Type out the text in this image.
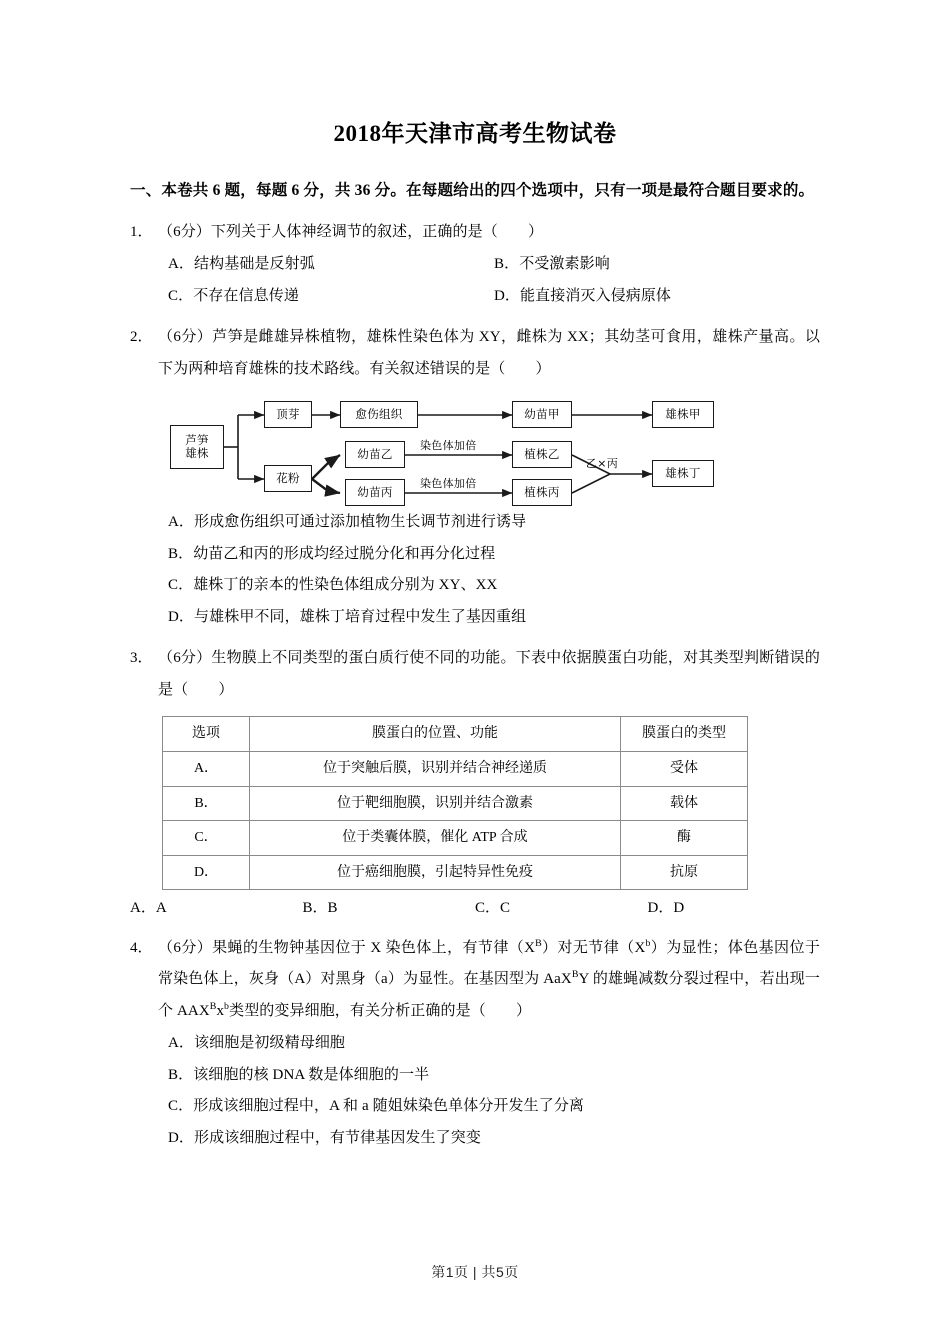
2018年天津市高考生物试卷
一、本卷共 6 题，每题 6 分，共 36 分。在每题给出的四个选项中，只有一项是最符合题目要求的。
1． （6分）下列关于人体神经调节的叙述，正确的是（　　）
A．结构基础是反射弧	B．不受激素影响
C．不存在信息传递	D．能直接消灭入侵病原体
2． （6分）芦笋是雌雄异株植物，雄株性染色体为 XY，雌株为 XX；其幼茎可食用，雄株产量高。以下为两种培育雄株的技术路线。有关叙述错误的是（　　）
芦笋
雄株
顶芽	愈伤组织	幼苗甲	雄株甲
花粉
幼苗乙
幼苗丙
植株乙
植株丙
雄株丁
染色体加倍
染色体加倍
乙×丙
A．形成愈伤组织可通过添加植物生长调节剂进行诱导
B．幼苗乙和丙的形成均经过脱分化和再分化过程
C．雄株丁的亲本的性染色体组成分别为 XY、XX
D．与雄株甲不同，雄株丁培育过程中发生了基因重组
3． （6分）生物膜上不同类型的蛋白质行使不同的功能。下表中依据膜蛋白功能，对其类型判断错误的是（　　）
选项	膜蛋白的位置、功能	膜蛋白的类型
A．	位于突触后膜，识别并结合神经递质	受体
B．	位于靶细胞膜，识别并结合激素	载体
C．	位于类囊体膜，催化 ATP 合成	酶
D．	位于癌细胞膜，引起特异性免疫	抗原
A．A	B．B	C．C	D．D
4． （6分）果蝇的生物钟基因位于 X 染色体上，有节律$(X^B)$对无节律$(X^b)$为显性；体色基因位于常染色体上，灰身（A）对黑身（a）为显性。在基因型为 AaX$^B$Y 的雄蝇减数分裂过程中，若出现一个 $AAX^Bx^b$类型的变异细胞，有关分析正确的是（　　）
A．该细胞是初级精母细胞
B．该细胞的核 DNA 数是体细胞的一半
C．形成该细胞过程中，A 和 a 随姐妹染色单体分开发生了分离
D．形成该细胞过程中，有节律基因发生了突变
第1页 | 共5页
